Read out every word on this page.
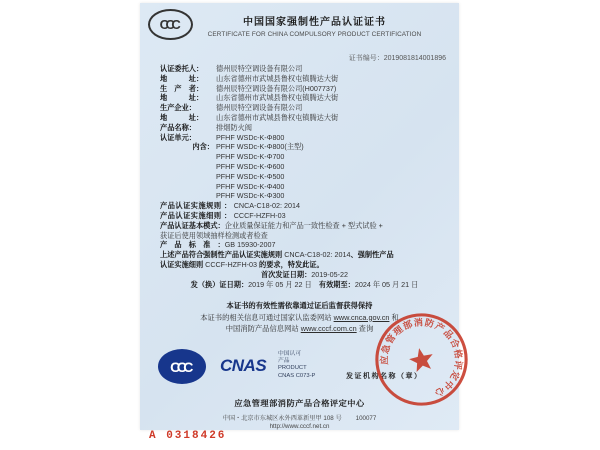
CCC	中国国家强制性产品认证证书
CERTIFICATE FOR CHINA COMPULSORY PRODUCT CERTIFICATION
证书编号：2019081814001896
认证委托人： 德州辰特空调设备有限公司
地　　　址： 山东省德州市武城县鲁权屯镇腾达大街
生　产　者： 德州辰特空调设备有限公司(H007737)
地　　　址： 山东省德州市武城县鲁权屯镇腾达大街
生产企业：	德州辰特空调设备有限公司
地　　　址： 山东省德州市武城县鲁权屯镇腾达大街
产品名称：	排烟防火阀
认证单元：	PFHF WSDc-K-Φ800
内含： PFHF WSDc-K-Φ800(主型)
PFHF WSDc-K-Φ700
PFHF WSDc-K-Φ600
PFHF WSDc-K-Φ500
PFHF WSDc-K-Φ400
PFHF WSDc-K-Φ300
产品认证实施规则 ： CNCA-C18-02: 2014
产品认证实施细则 ： CCCF-HZFH-03
产品认证基本模式：企业质量保证能力和产品一致性检查 + 型式试验 +
获证后使用领域抽样检测或者检查
产　品　标　准　：GB 15930-2007
上述产品符合强制性产品认证实施规则 CNCA-C18-02: 2014、强制性产品
认证实施细则 CCCF-HZFH-03 的要求，特发此证。
首次发证日期：2019-05-22
发（换）证日期：2019 年 05 月 22 日　有效期至：2024 年 05 月 21 日
本证书的有效性需依靠通过证后监督获得保持
本证书的相关信息可通过国家认监委网站 www.cnca.gov.cn 和
中国消防产品信息网站 www.cccf.com.cn 查询
CCC CNAS
中国认可
产品
PRODUCT
CNAS C073-P	发证机构名称（章）
应急管理部消防产品合格评定中心
应急管理部消防产品合格评定中心
中国・北京市东城区永外西革新里甲 108 号 100077
http://www.cccf.net.cn
A 0318426
